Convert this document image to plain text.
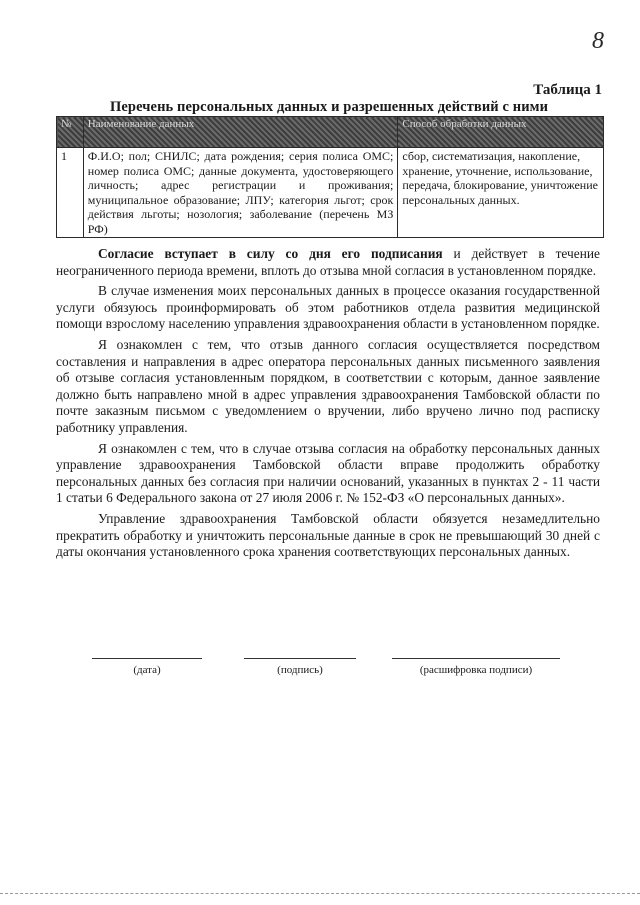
8
Таблица 1
Перечень персональных данных и разрешенных действий с ними
№	Наименование данных	Способ обработки данных
1	Ф.И.О; пол; СНИЛС; дата рождения; серия полиса ОМС; номер полиса ОМС; данные документа, удостоверяющего личность; адрес регистрации и проживания; муниципальное образование; ЛПУ; категория льгот; срок действия льготы; нозология; заболевание (перечень МЗ РФ)	сбор, систематизация, накопление, хранение, уточнение, использование, передача, блокирование, уничтожение персональных данных.

Согласие вступает в силу со дня его подписания и действует в течение неограниченного периода времени, вплоть до отзыва мной согласия в установленном порядке.

В случае изменения моих персональных данных в процессе оказания государственной услуги обязуюсь проинформировать об этом работников отдела развития медицинской помощи взрослому населению управления здравоохранения области в установленном порядке.

Я ознакомлен с тем, что отзыв данного согласия осуществляется посредством составления и направления в адрес оператора персональных данных письменного заявления об отзыве согласия установленным порядком, в соответствии с которым, данное заявление должно быть направлено мной в адрес управления здравоохранения Тамбовской области по почте заказным письмом с уведомлением о вручении, либо вручено лично под расписку работнику управления.

Я ознакомлен с тем, что в случае отзыва согласия на обработку персональных данных управление здравоохранения Тамбовской области вправе продолжить обработку персональных данных без согласия при наличии оснований, указанных в пунктах 2 - 11 части 1 статьи 6 Федерального закона от 27 июля 2006 г. № 152-ФЗ «О персональных данных».

Управление здравоохранения Тамбовской области обязуется незамедлительно прекратить обработку и уничтожить персональные данные в срок не превышающий 30 дней с даты окончания установленного срока хранения соответствующих персональных данных.

(дата)	(подпись)	(расшифровка подписи)
